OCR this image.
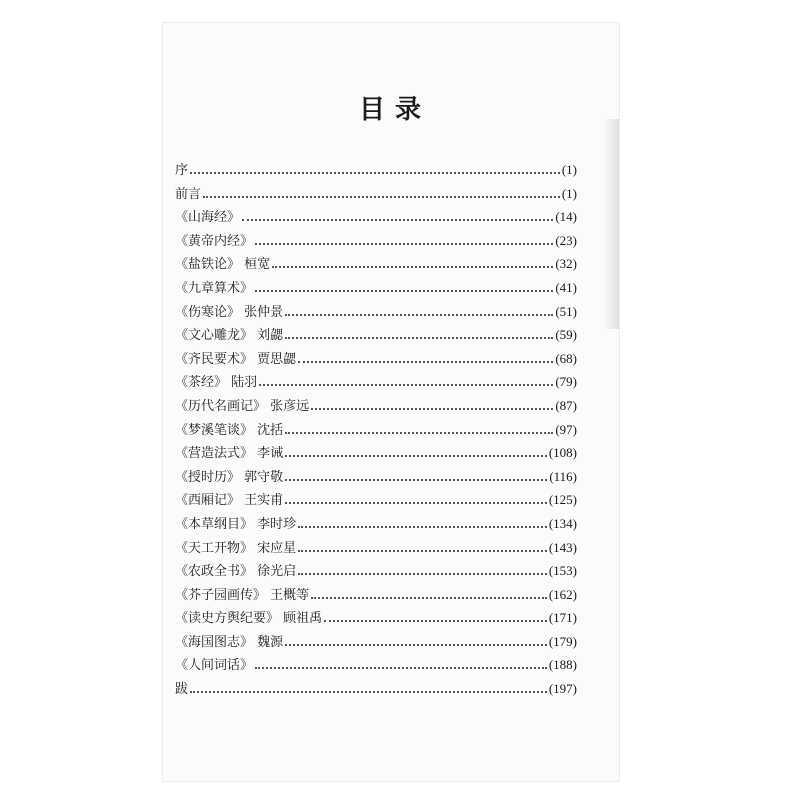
目录
序	(1)
前言	(1)
《山海经》	(14)
《黄帝内经》	(23)
《盐铁论》 桓宽	(32)
《九章算术》	(41)
《伤寒论》 张仲景	(51)
《文心雕龙》 刘勰	(59)
《齐民要术》 贾思勰	(68)
《茶经》 陆羽	(79)
《历代名画记》 张彦远	(87)
《梦溪笔谈》 沈括	(97)
《营造法式》 李诫	(108)
《授时历》 郭守敬	(116)
《西厢记》 王实甫	(125)
《本草纲目》 李时珍	(134)
《天工开物》 宋应星	(143)
《农政全书》 徐光启	(153)
《芥子园画传》 王概等	(162)
《读史方舆纪要》 顾祖禹	(171)
《海国图志》 魏源	(179)
《人间词话》	(188)
跋	(197)
